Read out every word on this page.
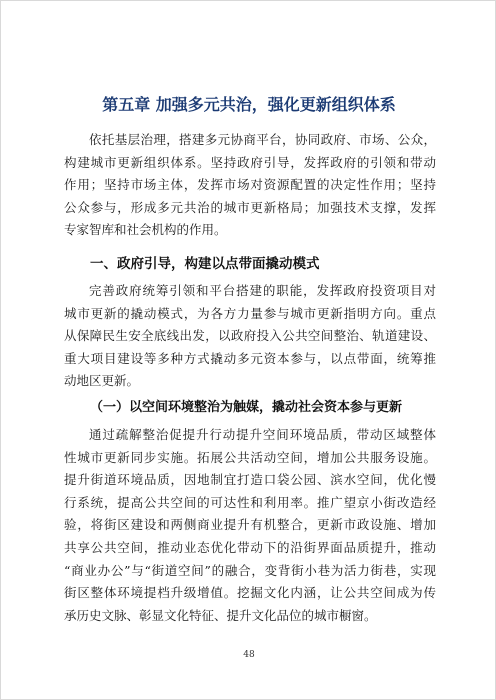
第五章 加强多元共治，强化更新组织体系
依托基层治理，搭建多元协商平台，协同政府、市场、公众，
构建城市更新组织体系。坚持政府引导，发挥政府的引领和带动
作用；坚持市场主体，发挥市场对资源配置的决定性作用；坚持
公众参与，形成多元共治的城市更新格局；加强技术支撑，发挥
专家智库和社会机构的作用。
一、政府引导，构建以点带面撬动模式
完善政府统筹引领和平台搭建的职能，发挥政府投资项目对
城市更新的撬动模式，为各方力量参与城市更新指明方向。重点
从保障民生安全底线出发，以政府投入公共空间整治、轨道建设、
重大项目建设等多种方式撬动多元资本参与，以点带面，统筹推
动地区更新。
（一）以空间环境整治为触媒，撬动社会资本参与更新
通过疏解整治促提升行动提升空间环境品质，带动区域整体
性城市更新同步实施。拓展公共活动空间，增加公共服务设施。
提升街道环境品质，因地制宜打造口袋公园、滨水空间，优化慢
行系统，提高公共空间的可达性和利用率。推广望京小街改造经
验，将街区建设和两侧商业提升有机整合，更新市政设施、增加
共享公共空间，推动业态优化带动下的沿街界面品质提升，推动
“商业办公”与“街道空间”的融合，变背街小巷为活力街巷，实现
街区整体环境提档升级增值。挖掘文化内涵，让公共空间成为传
承历史文脉、彰显文化特征、提升文化品位的城市橱窗。
48
